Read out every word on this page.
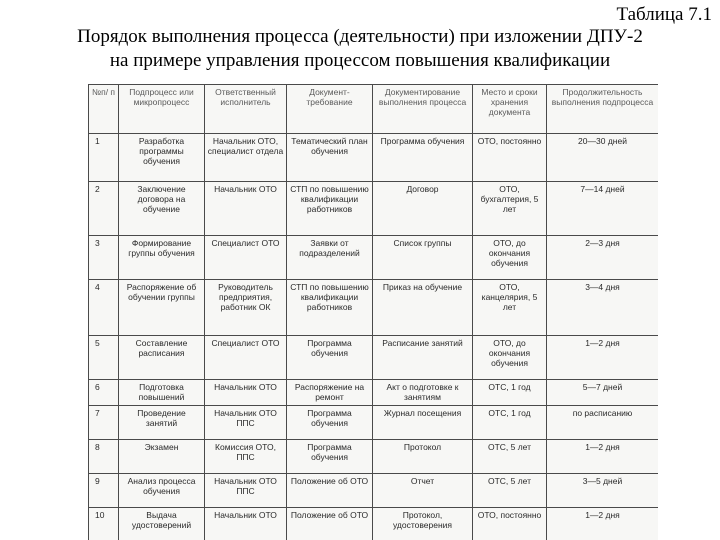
Таблица 7.1
Порядок выполнения процесса (деятельности) при изложении ДПУ-2
на примере управления процессом повышения квалификации
№п/ п	Подпроцесс или микропроцесс	Ответственный исполнитель	Документ-требование	Документирование выполнения процесса	Место и сроки хранения документа	Продолжительность выполнения подпроцесса
1	Разработка программы обучения	Начальник ОТО, специалист отдела	Тематический план обучения	Программа обучения	ОТО, постоянно	20—30 дней
2	Заключение договора на обучение	Начальник ОТО	СТП по повышению квалификации работников	Договор	ОТО, бухгалтерия, 5 лет	7—14 дней
3	Формирование группы обучения	Специалист ОТО	Заявки от подразделений	Список группы	ОТО, до окончания обучения	2—3 дня
4	Распоряжение об обучении группы	Руководитель предприятия, работник ОК	СТП по повышению квалификации работников	Приказ на обучение	ОТО, канцелярия, 5 лет	3—4 дня
5	Составление расписания	Специалист ОТО	Программа обучения	Расписание занятий	ОТО, до окончания обучения	1—2 дня
6	Подготовка повышений	Начальник ОТО	Распоряжение на ремонт	Акт о подготовке к занятиям	ОТС, 1 год	5—7 дней
7	Проведение занятий	Начальник ОТО ППС	Программа обучения	Журнал посещения	ОТС, 1 год	по расписанию
8	Экзамен	Комиссия ОТО, ППС	Программа обучения	Протокол	ОТС, 5 лет	1—2 дня
9	Анализ процесса обучения	Начальник ОТО ППС	Положение об ОТО	Отчет	ОТС, 5 лет	3—5 дней
10	Выдача удостоверений	Начальник ОТО	Положение об ОТО	Протокол, удостоверения	ОТО, постоянно	1—2 дня
